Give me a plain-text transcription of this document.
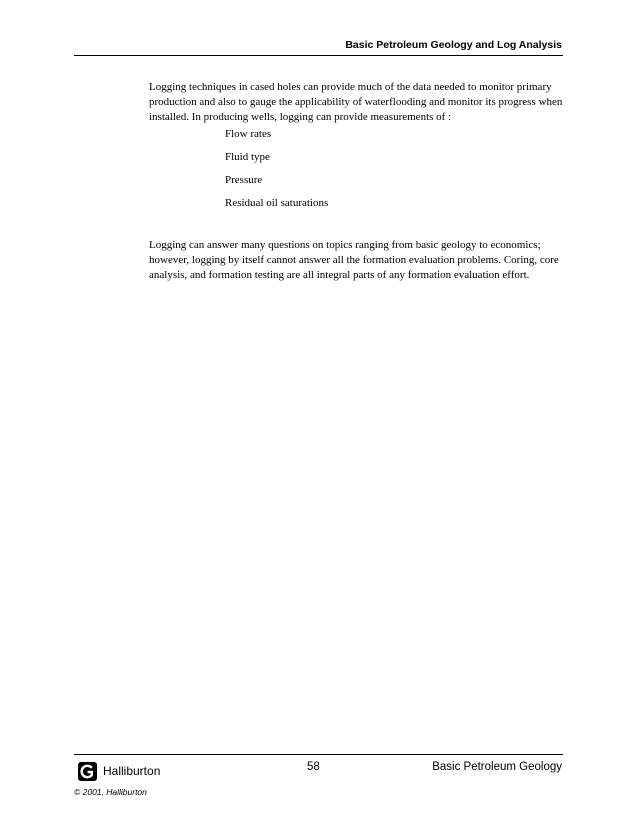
Basic Petroleum Geology and Log Analysis

Logging techniques in cased holes can provide much of the data needed to monitor primary production and also to gauge the applicability of waterflooding and monitor its progress when installed. In producing wells, logging can provide measurements of :

Flow rates
Fluid type
Pressure
Residual oil saturations

Logging can answer many questions on topics ranging from basic geology to economics; however, logging by itself cannot answer all the formation evaluation problems. Coring, core analysis, and formation testing are all integral parts of any formation evaluation effort.

Halliburton	58	Basic Petroleum Geology
© 2001, Halliburton
